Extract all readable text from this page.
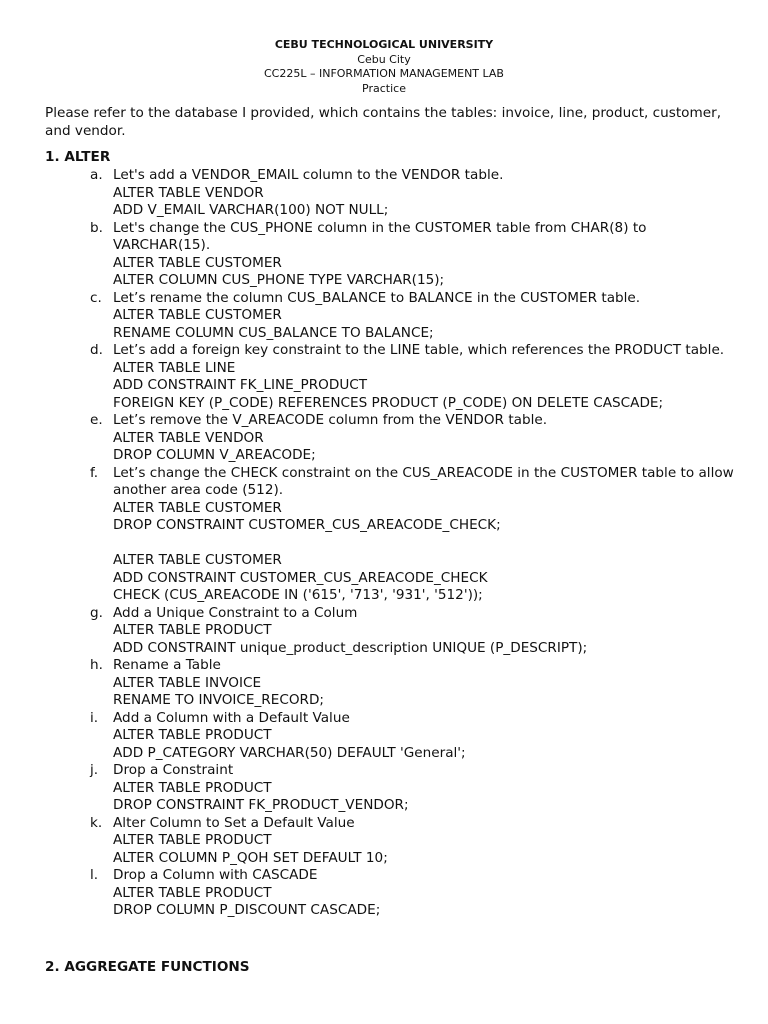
CEBU TECHNOLOGICAL UNIVERSITY
Cebu City
CC225L – INFORMATION MANAGEMENT LAB
Practice

Please refer to the database I provided, which contains the tables: invoice, line, product, customer, and vendor.

1. ALTER
a. Let's add a VENDOR_EMAIL column to the VENDOR table.
ALTER TABLE VENDOR
ADD V_EMAIL VARCHAR(100) NOT NULL;
b. Let's change the CUS_PHONE column in the CUSTOMER table from CHAR(8) to VARCHAR(15).
ALTER TABLE CUSTOMER
ALTER COLUMN CUS_PHONE TYPE VARCHAR(15);
c. Let’s rename the column CUS_BALANCE to BALANCE in the CUSTOMER table.
ALTER TABLE CUSTOMER
RENAME COLUMN CUS_BALANCE TO BALANCE;
d. Let’s add a foreign key constraint to the LINE table, which references the PRODUCT table.
ALTER TABLE LINE
ADD CONSTRAINT FK_LINE_PRODUCT
FOREIGN KEY (P_CODE) REFERENCES PRODUCT (P_CODE) ON DELETE CASCADE;
e. Let’s remove the V_AREACODE column from the VENDOR table.
ALTER TABLE VENDOR
DROP COLUMN V_AREACODE;
f. Let’s change the CHECK constraint on the CUS_AREACODE in the CUSTOMER table to allow another area code (512).
ALTER TABLE CUSTOMER
DROP CONSTRAINT CUSTOMER_CUS_AREACODE_CHECK;
ALTER TABLE CUSTOMER
ADD CONSTRAINT CUSTOMER_CUS_AREACODE_CHECK
CHECK (CUS_AREACODE IN ('615', '713', '931', '512'));
g. Add a Unique Constraint to a Colum
ALTER TABLE PRODUCT
ADD CONSTRAINT unique_product_description UNIQUE (P_DESCRIPT);
h. Rename a Table
ALTER TABLE INVOICE
RENAME TO INVOICE_RECORD;
i. Add a Column with a Default Value
ALTER TABLE PRODUCT
ADD P_CATEGORY VARCHAR(50) DEFAULT 'General';
j. Drop a Constraint
ALTER TABLE PRODUCT
DROP CONSTRAINT FK_PRODUCT_VENDOR;
k. Alter Column to Set a Default Value
ALTER TABLE PRODUCT
ALTER COLUMN P_QOH SET DEFAULT 10;
l. Drop a Column with CASCADE
ALTER TABLE PRODUCT
DROP COLUMN P_DISCOUNT CASCADE;
2. AGGREGATE FUNCTIONS
